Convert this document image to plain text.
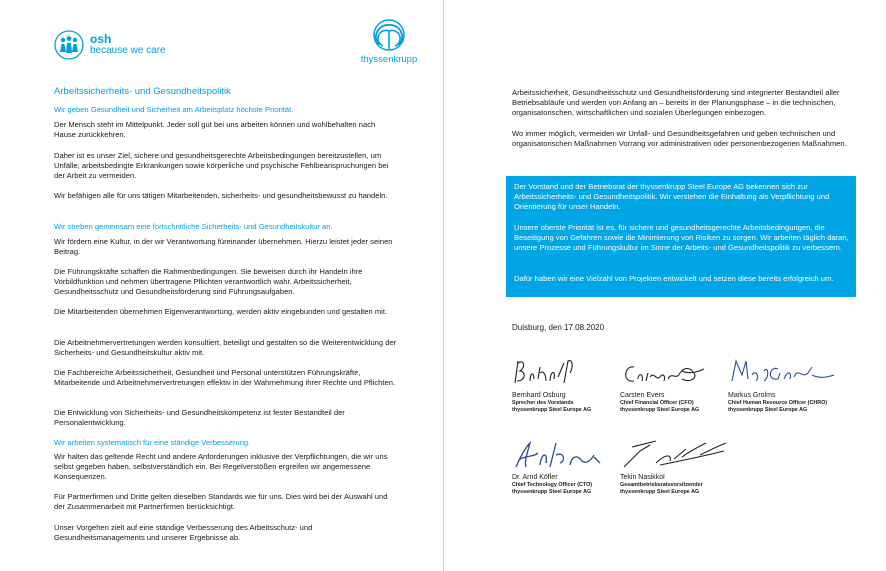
osh
because we care
thyssenkrupp
Arbeitssicherheits- und Gesundheitspolitik
Wir geben Gesundheit und Sicherheit am Arbeitsplatz höchste Priorität.

Der Mensch steht im Mittelpunkt. Jeder soll gut bei uns arbeiten können und wohlbehalten nach Hause zurückkehren.

Daher ist es unser Ziel, sichere und gesundheitsgerechte Arbeitsbedingungen bereitzustellen, um Unfälle, arbeitsbedingte Erkrankungen sowie körperliche und psychische Fehlbeanspruchungen bei der Arbeit zu vermeiden.

Wir befähigen alle für uns tätigen Mitarbeitenden, sicherheits- und gesundheitsbewusst zu handeln.

Wir streben gemeinsam eine fortschrittliche Sicherheits- und Gesundheitskultur an.

Wir fördern eine Kultur, in der wir Verantwortung füreinander übernehmen. Hierzu leistet jeder seinen Beitrag.

Die Führungskräfte schaffen die Rahmenbedingungen. Sie beweisen durch ihr Handeln ihre Vorbildfunktion und nehmen übertragene Pflichten verantwortlich wahr. Arbeitssicherheit, Gesundheitsschutz und Gesundheitsförderung sind Führungsaufgaben.

Die Mitarbeitenden übernehmen Eigenverantwortung, werden aktiv eingebunden und gestalten mit.

Die Arbeitnehmervertretungen werden konsultiert, beteiligt und gestalten so die Weiterentwicklung der Sicherheits- und Gesundheitskultur aktiv mit.

Die Fachbereiche Arbeitssicherheit, Gesundheit und Personal unterstützen Führungskräfte, Mitarbeitende und Arbeitnehmervertretungen effektiv in der Wahrnehmung ihrer Rechte und Pflichten.

Die Entwicklung von Sicherheits- und Gesundheitskompetenz ist fester Bestandteil der Personalentwicklung.

Wir arbeiten systematisch für eine ständige Verbesserung.

Wir halten das geltende Recht und andere Anforderungen inklusive der Verpflichtungen, die wir uns selbst gegeben haben, selbstverständlich ein. Bei Regelverstößen ergreifen wir angemessene Konsequenzen.

Für Partnerfirmen und Dritte gelten dieselben Standards wie für uns. Dies wird bei der Auswahl und der Zusammenarbeit mit Partnerfirmen berücksichtigt.

Unser Vorgehen zielt auf eine ständige Verbesserung des Arbeitsschutz- und Gesundheitsmanagements und unserer Ergebnisse ab.

Arbeitssicherheit, Gesundheitsschutz und Gesundheitsförderung sind integrierter Bestandteil aller Betriebsabläufe und werden von Anfang an – bereits in der Planungsphase – in die technischen, organisatorischen, wirtschaftlichen und sozialen Überlegungen einbezogen.

Wo immer möglich, vermeiden wir Unfall- und Gesundheitsgefahren und geben technischen und organisatorischen Maßnahmen Vorrang vor administrativen oder personenbezogenen Maßnahmen.

Der Vorstand und der Betriebsrat der thyssenkrupp Steel Europe AG bekennen sich zur Arbeitssicherheits- und Gesundheitspolitik. Wir verstehen die Einhaltung als Verpflichtung und Orientierung für unser Handeln.

Unsere oberste Priorität ist es, für sichere und gesundheitsgerechte Arbeitsbedingungen, die Beseitigung von Gefahren sowie die Minimierung von Risiken zu sorgen. Wir arbeiten täglich daran, unsere Prozesse und Führungskultur im Sinne der Arbeits- und Gesundheitspolitik zu verbessern.

Dafür haben wir eine Vielzahl von Projekten entwickelt und setzen diese bereits erfolgreich um.

Duisburg, den 17.08.2020

Bernhard Osburg
Sprecher des Vorstands
thyssenkrupp Steel Europe AG
Carsten Evers
Chief Financial Officer (CFO)
thyssenkrupp Steel Europe AG
Markus Grolms
Chief Human Resource Officer (CHRO)
thyssenkrupp Steel Europe AG
Dr. Arnd Köfler
Chief Technology Officer (CTO)
thyssenkrupp Steel Europe AG
Tekin Nasikkol
Gesamtbetriebsratsvorsitzender
thyssenkrupp Steel Europe AG
